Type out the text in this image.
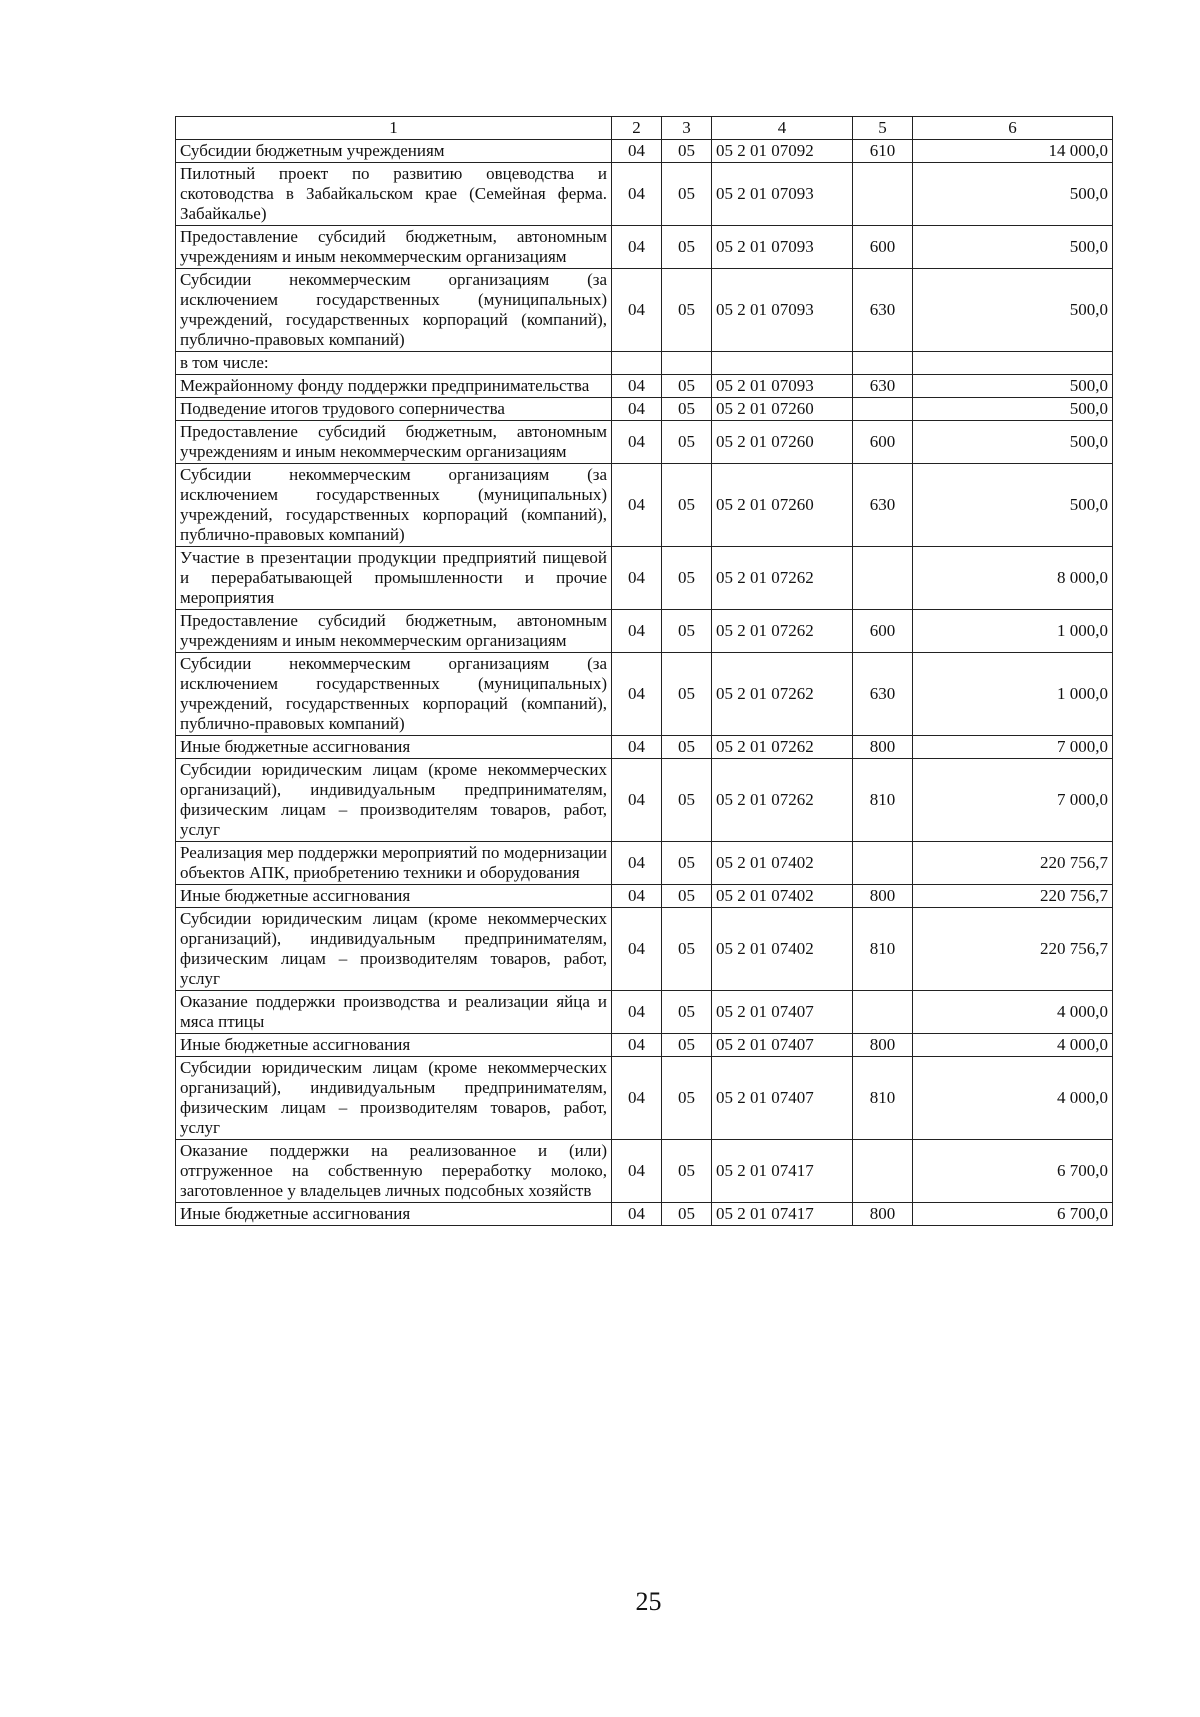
1	2	3	4	5	6
Субсидии бюджетным учреждениям	04	05	05 2 01 07092	610	14 000,0
Пилотный проект по развитию овцеводства и скотоводства в Забайкальском крае (Семейная ферма. Забайкалье)	04	05	05 2 01 07093		500,0
Предоставление субсидий бюджетным, автономным учреждениям и иным некоммерческим организациям	04	05	05 2 01 07093	600	500,0
Субсидии некоммерческим организациям (за исключением государственных (муниципальных) учреждений, государственных корпораций (компаний), публично-правовых компаний)	04	05	05 2 01 07093	630	500,0
в том числе:					
Межрайонному фонду поддержки предпринимательства	04	05	05 2 01 07093	630	500,0
Подведение итогов трудового соперничества	04	05	05 2 01 07260		500,0
Предоставление субсидий бюджетным, автономным учреждениям и иным некоммерческим организациям	04	05	05 2 01 07260	600	500,0
Субсидии некоммерческим организациям (за исключением государственных (муниципальных) учреждений, государственных корпораций (компаний), публично-правовых компаний)	04	05	05 2 01 07260	630	500,0
Участие в презентации продукции предприятий пищевой и перерабатывающей промышленности и прочие мероприятия	04	05	05 2 01 07262		8 000,0
Предоставление субсидий бюджетным, автономным учреждениям и иным некоммерческим организациям	04	05	05 2 01 07262	600	1 000,0
Субсидии некоммерческим организациям (за исключением государственных (муниципальных) учреждений, государственных корпораций (компаний), публично-правовых компаний)	04	05	05 2 01 07262	630	1 000,0
Иные бюджетные ассигнования	04	05	05 2 01 07262	800	7 000,0
Субсидии юридическим лицам (кроме некоммерческих организаций), индивидуальным предпринимателям, физическим лицам – производителям товаров, работ, услуг	04	05	05 2 01 07262	810	7 000,0
Реализация мер поддержки мероприятий по модернизации объектов АПК, приобретению техники и оборудования	04	05	05 2 01 07402		220 756,7
Иные бюджетные ассигнования	04	05	05 2 01 07402	800	220 756,7
Субсидии юридическим лицам (кроме некоммерческих организаций), индивидуальным предпринимателям, физическим лицам – производителям товаров, работ, услуг	04	05	05 2 01 07402	810	220 756,7
Оказание поддержки производства и реализации яйца и мяса птицы	04	05	05 2 01 07407		4 000,0
Иные бюджетные ассигнования	04	05	05 2 01 07407	800	4 000,0
Субсидии юридическим лицам (кроме некоммерческих организаций), индивидуальным предпринимателям, физическим лицам – производителям товаров, работ, услуг	04	05	05 2 01 07407	810	4 000,0
Оказание поддержки на реализованное и (или) отгруженное на собственную переработку молоко, заготовленное у владельцев личных подсобных хозяйств	04	05	05 2 01 07417		6 700,0
Иные бюджетные ассигнования	04	05	05 2 01 07417	800	6 700,0
25
